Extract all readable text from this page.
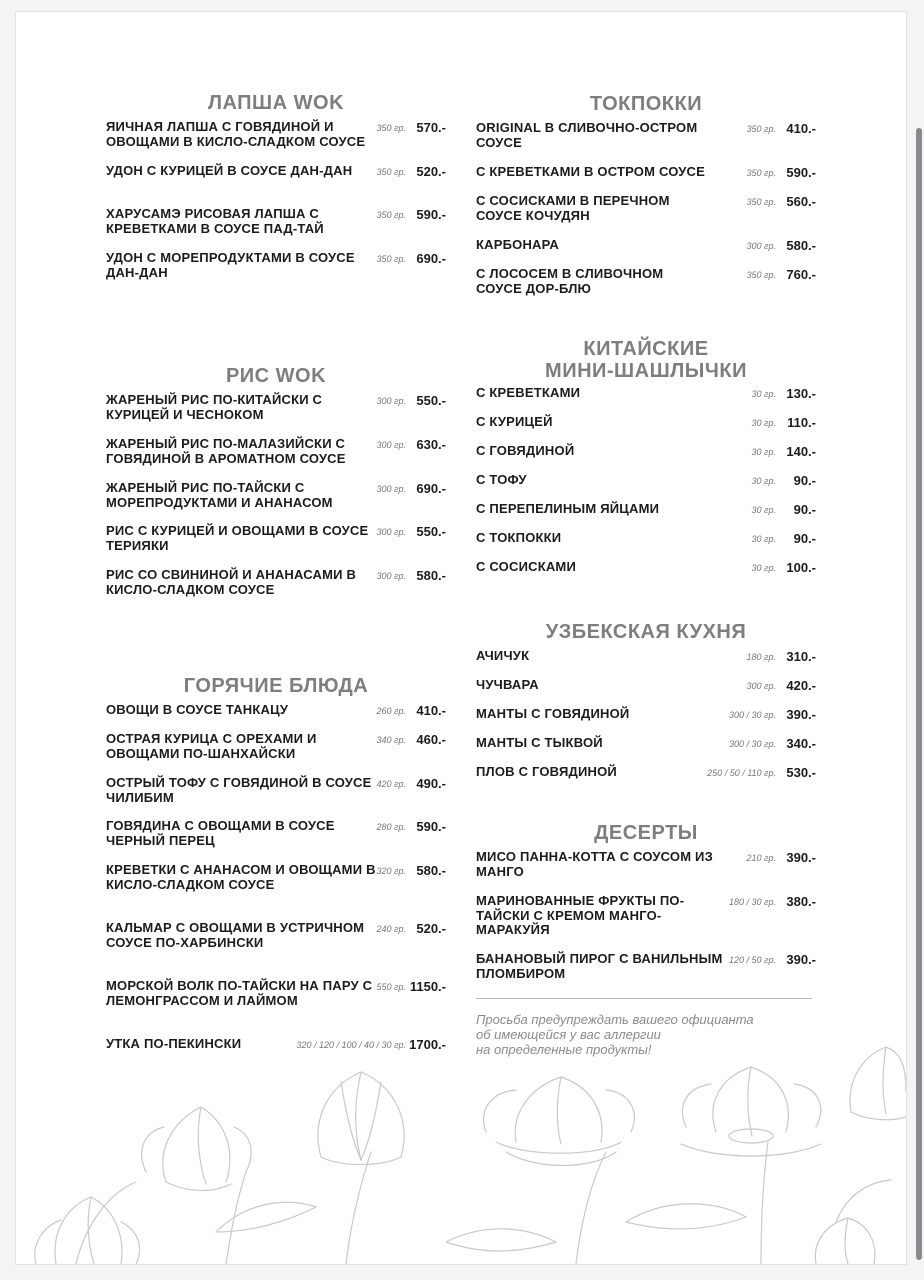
ЛАПША WOK
ЯИЧНАЯ ЛАПША С ГОВЯДИНОЙ И ОВОЩАМИ В КИСЛО-СЛАДКОМ СОУСЕ
350 гр. 570.-
УДОН С КУРИЦЕЙ В СОУСЕ ДАН-ДАН	350 гр. 520.-
ХАРУСАМЭ РИСОВАЯ ЛАПША С КРЕВЕТКАМИ В СОУСЕ ПАД-ТАЙ
350 гр. 590.-
УДОН С МОРЕПРОДУКТАМИ В СОУСЕ ДАН-ДАН
350 гр. 690.-
РИС WOK
ЖАРЕНЫЙ РИС ПО-КИТАЙСКИ С КУРИЦЕЙ И ЧЕСНОКОМ
300 гр. 550.-
ЖАРЕНЫЙ РИС ПО-МАЛАЗИЙСКИ С ГОВЯДИНОЙ В АРОМАТНОМ СОУСЕ
300 гр. 630.-
ЖАРЕНЫЙ РИС ПО-ТАЙСКИ С МОРЕПРОДУКТАМИ И АНАНАСОМ
300 гр. 690.-
РИС С КУРИЦЕЙ И ОВОЩАМИ В СОУСЕ ТЕРИЯКИ
300 гр. 550.-
РИС СО СВИНИНОЙ И АНАНАСАМИ В КИСЛО-СЛАДКОМ СОУСЕ
300 гр. 580.-
ГОРЯЧИЕ БЛЮДА
ОВОЩИ В СОУСЕ ТАНКАЦУ	260 гр. 410.-
ОСТРАЯ КУРИЦА С ОРЕХАМИ И ОВОЩАМИ ПО-ШАНХАЙСКИ
340 гр. 460.-
ОСТРЫЙ ТОФУ С ГОВЯДИНОЙ В СОУСЕ ЧИЛИБИМ
420 гр. 490.-
ГОВЯДИНА С ОВОЩАМИ В СОУСЕ ЧЕРНЫЙ ПЕРЕЦ
280 гр. 590.-
КРЕВЕТКИ С АНАНАСОМ И ОВОЩАМИ В КИСЛО-СЛАДКОМ СОУСЕ
320 гр. 580.-
КАЛЬМАР С ОВОЩАМИ В УСТРИЧНОМ СОУСЕ ПО-ХАРБИНСКИ
240 гр. 520.-
МОРСКОЙ ВОЛК ПО-ТАЙСКИ НА ПАРУ С ЛЕМОНГРАССОМ И ЛАЙМОМ
550 гр. 1150.-
УТКА ПО-ПЕКИНСКИ	320 / 120 / 100 / 40 / 30 гр. 1700.-
ТОКПОККИ
ORIGINAL В СЛИВОЧНО-ОСТРОМ СОУСЕ
350 гр. 410.-
С КРЕВЕТКАМИ В ОСТРОМ СОУСЕ	350 гр. 590.-
С СОСИСКАМИ В ПЕРЕЧНОМ СОУСЕ КОЧУДЯН
350 гр. 560.-
КАРБОНАРА	300 гр. 580.-
С ЛОСОСЕМ В СЛИВОЧНОМ СОУСЕ ДОР-БЛЮ
350 гр. 760.-
КИТАЙСКИЕ
МИНИ-ШАШЛЫЧКИ
С КРЕВЕТКАМИ	30 гр. 130.-
С КУРИЦЕЙ	30 гр. 110.-
С ГОВЯДИНОЙ	30 гр. 140.-
С ТОФУ	30 гр. 90.-
С ПЕРЕПЕЛИНЫМ ЯЙЦАМИ	30 гр. 90.-
С ТОКПОККИ	30 гр. 90.-
С СОСИСКАМИ	30 гр. 100.-
УЗБЕКСКАЯ КУХНЯ
АЧИЧУК	180 гр. 310.-
ЧУЧВАРА	300 гр. 420.-
МАНТЫ С ГОВЯДИНОЙ	300 / 30 гр. 390.-
МАНТЫ С ТЫКВОЙ	300 / 30 гр. 340.-
ПЛОВ С ГОВЯДИНОЙ	250 / 50 / 110 гр. 530.-
ДЕСЕРТЫ
МИСО ПАННА-КОТТА С СОУСОМ ИЗ МАНГО
210 гр. 390.-
МАРИНОВАННЫЕ ФРУКТЫ ПО-ТАЙСКИ С КРЕМОМ МАНГО-МАРАКУЙЯ
180 / 30 гр. 380.-
БАНАНОВЫЙ ПИРОГ С ВАНИЛЬНЫМ ПЛОМБИРОМ
120 / 50 гр. 390.-
Просьба предупреждать вашего официанта
об имеющейся у вас аллергии
на определенные продукты!
